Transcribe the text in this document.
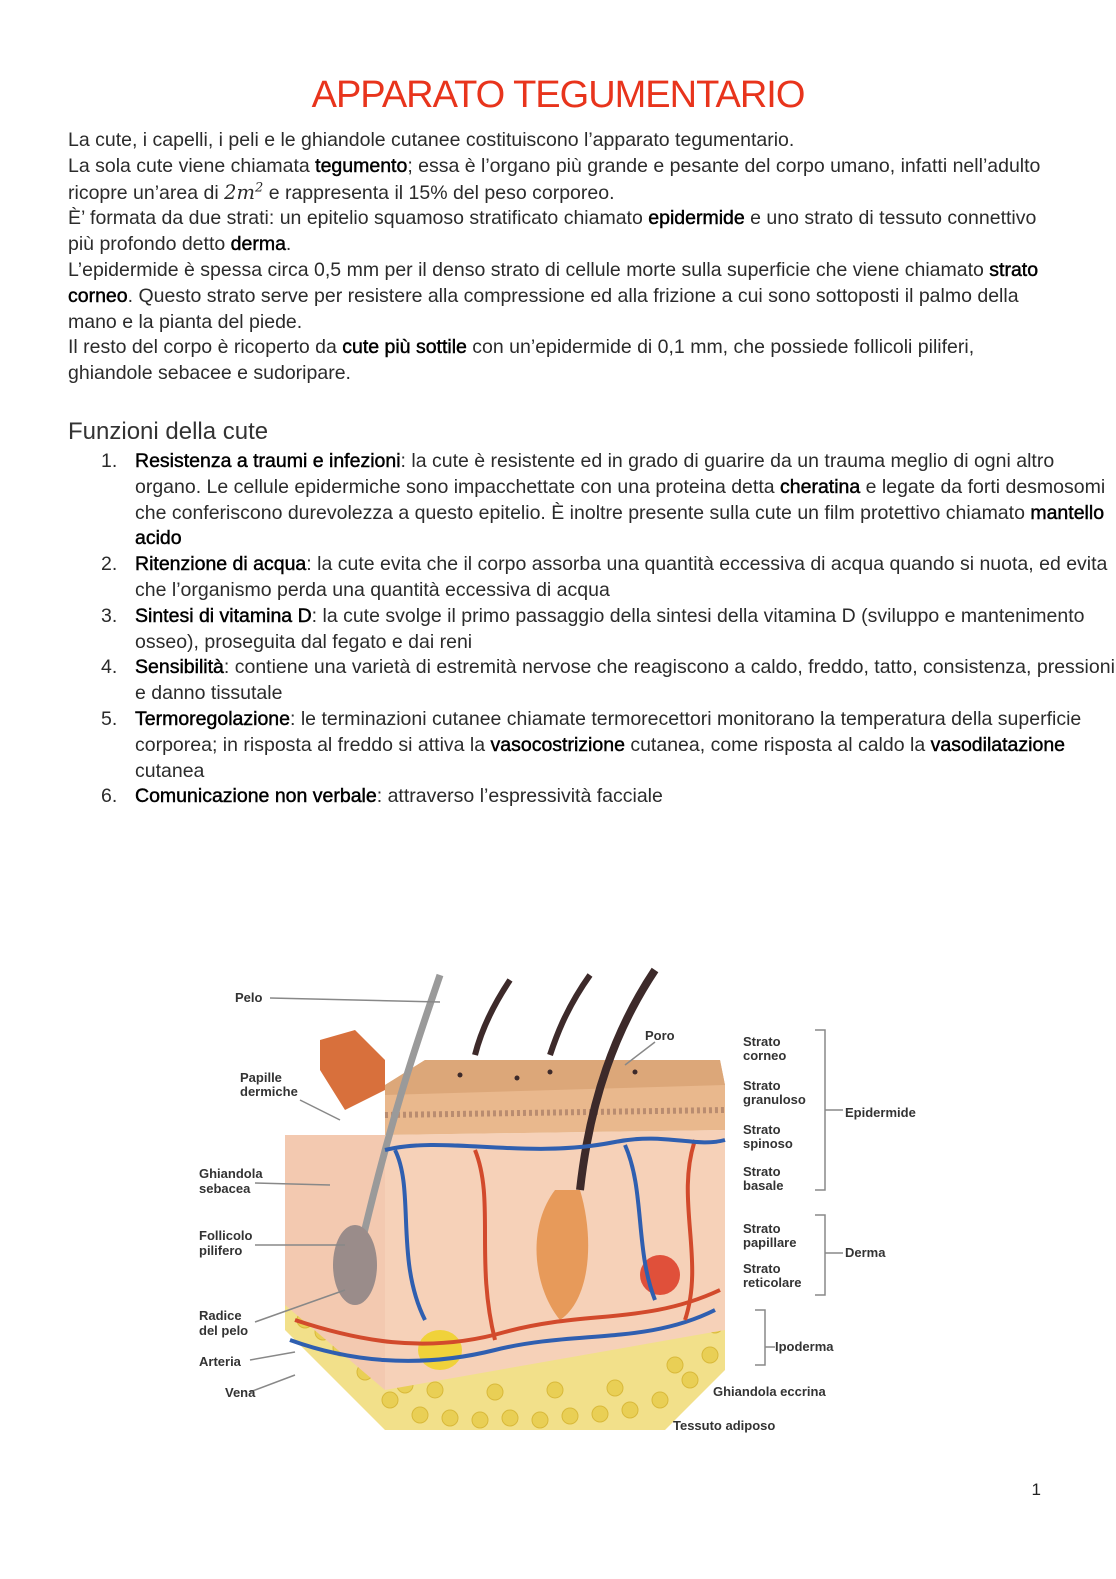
APPARATO TEGUMENTARIO

La cute, i capelli, i peli e le ghiandole cutanee costituiscono l’apparato tegumentario.

La sola cute viene chiamata tegumento; essa è l’organo più grande e pesante del corpo umano, infatti nell’adulto ricopre un’area di $2m^2$ e rappresenta il 15% del peso corporeo.

È’ formata da due strati: un epitelio squamoso stratificato chiamato epidermide e uno strato di tessuto connettivo più profondo detto derma.

L’epidermide è spessa circa 0,5 mm per il denso strato di cellule morte sulla superficie che viene chiamato strato corneo. Questo strato serve per resistere alla compressione ed alla frizione a cui sono sottoposti il palmo della mano e la pianta del piede.

Il resto del corpo è ricoperto da cute più sottile con un’epidermide di 0,1 mm, che possiede follicoli piliferi, ghiandole sebacee e sudoripare.

Funzioni della cute
Resistenza a traumi e infezioni: la cute è resistente ed in grado di guarire da un trauma meglio di ogni altro organo. Le cellule epidermiche sono impacchettate con una proteina detta cheratina e legate da forti desmosomi che conferiscono durevolezza a questo epitelio. È inoltre presente sulla cute un film protettivo chiamato mantello acido
Ritenzione di acqua: la cute evita che il corpo assorba una quantità eccessiva di acqua quando si nuota, ed evita che l’organismo perda una quantità eccessiva di acqua
Sintesi di vitamina D: la cute svolge il primo passaggio della sintesi della vitamina D (sviluppo e mantenimento osseo), proseguita dal fegato e dai reni
Sensibilità: contiene una varietà di estremità nervose che reagiscono a caldo, freddo, tatto, consistenza, pressioni e danno tissutale
Termoregolazione: le terminazioni cutanee chiamate termorecettori monitorano la temperatura della superficie corporea; in risposta al freddo si attiva la vasocostrizione cutanea, come risposta al caldo la vasodilatazione cutanea
Comunicazione non verbale: attraverso l’espressività facciale
Pelo
Papille
dermiche
Ghiandola
sebacea
Follicolo
pilifero
Radice
del pelo
Arteria
Vena
Poro	Strato
corneo
Strato
granuloso
Strato
spinoso
Strato
basale
Strato
papillare
Strato
reticolare
Epidermide
Derma
Ipoderma
Ghiandola eccrina
Tessuto adiposo
1
